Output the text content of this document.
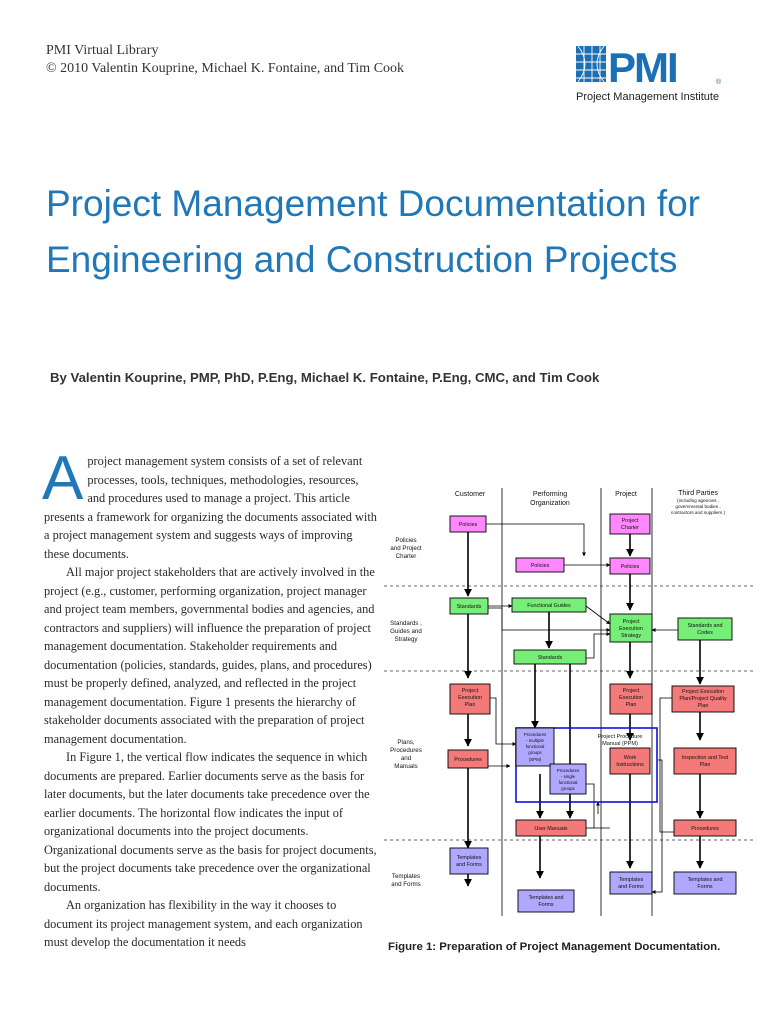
PMI Virtual Library
© 2010 Valentin Kouprine, Michael K. Fontaine, and Tim Cook	PMI	®
Project Management Institute
Project Management Documentation for Engineering and Construction Projects
By Valentin Kouprine, PMP, PhD, P.Eng, Michael K. Fontaine, P.Eng, CMC, and Tim Cook

A project management system consists of a set of relevant processes, tools, techniques, methodologies, resources, and procedures used to manage a project. This article presents a framework for organizing the documents associated with a project management system and suggests ways of improving these documents.

All major project stakeholders that are actively involved in the project (e.g., customer, performing organization, project manager and project team members, governmental bodies and agencies, and contractors and suppliers) will influence the preparation of project management documentation. Stakeholder requirements and documentation (policies, standards, guides, plans, and procedures) must be properly defined, analyzed, and reflected in the project management documentation. Figure 1 presents the hierarchy of stakeholder documents associated with the preparation of project management documentation.

In Figure 1, the vertical flow indicates the sequence in which documents are prepared. Earlier documents serve as the basis for later documents, but the later documents take precedence over the earlier documents. The horizontal flow indicates the input of organizational documents into the project documents. Organizational documents serve as the basis for project documents, but the project documents take precedence over the organizational documents.

An organization has flexibility in the way it chooses to document its project management system, and each organization must develop the documentation it needs

Customer	Performing
Organization
Project	Third Parties
(including agencies ,
governmental bodies ,
contractors and suppliers )
Policies
and Project
Charter
Standards ,
Guides and
Strategy
Plans,
Procedures
and
Manuals
Templates
and Forms
Project Procedure
Manual (PPM)
Policies
Project
Charter
Policies	Policies
Standards	Functional Guides
Project
Execution
Strategy
Standards and
Codes
Standards
Project
Execution
Plan
Project
Execution
Plan
Project Execution
Plan/Project Quality
Plan
Procedures
- multiple
functional
groups
(SPM)
Procedures
- single
functional
groups
Procedures	Work
Instructions
Inspection and Test
Plan
User Manuals	Procedures
Templates
and Forms
Templates and
Forms
Templates
and Forms
Templates and
Forms
Figure 1: Preparation of Project Management Documentation.
